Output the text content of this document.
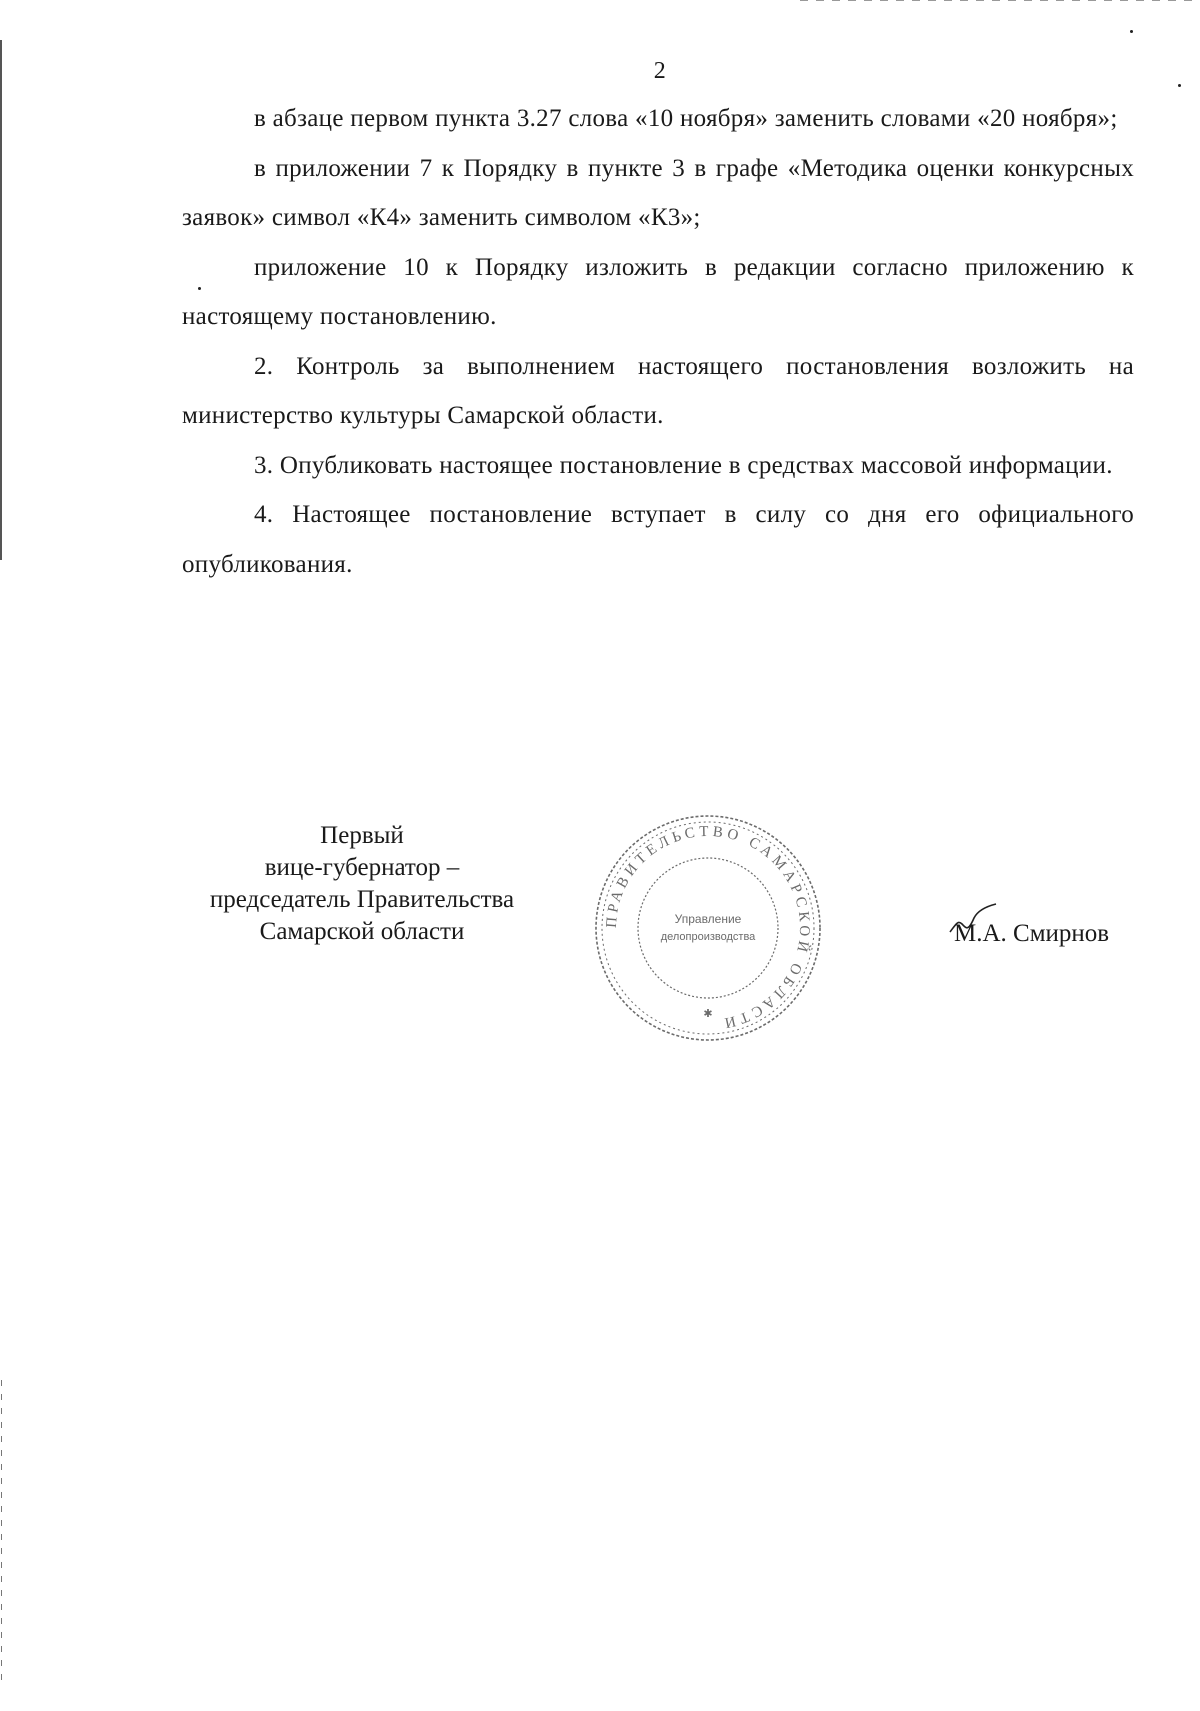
2

в абзаце первом пункта 3.27 слова «10 ноября» заменить словами «20 ноября»;

в приложении 7 к Порядку в пункте 3 в графе «Методика оценки конкурсных заявок» символ «К4» заменить символом «К3»;

приложение 10 к Порядку изложить в редакции согласно приложению к настоящему постановлению.

2. Контроль за выполнением настоящего постановления возложить на министерство культуры Самарской области.

3. Опубликовать настоящее постановление в средствах массовой информации.

4. Настоящее постановление вступает в силу со дня его официального опубликования.

Первый
вице-губернатор –
председатель Правительства
Самарской области	ПРАВИТЕЛЬСТВО САМАРСКОЙ ОБЛАСТИ
Управление
делопроизводства
✱
М.А. Смирнов
